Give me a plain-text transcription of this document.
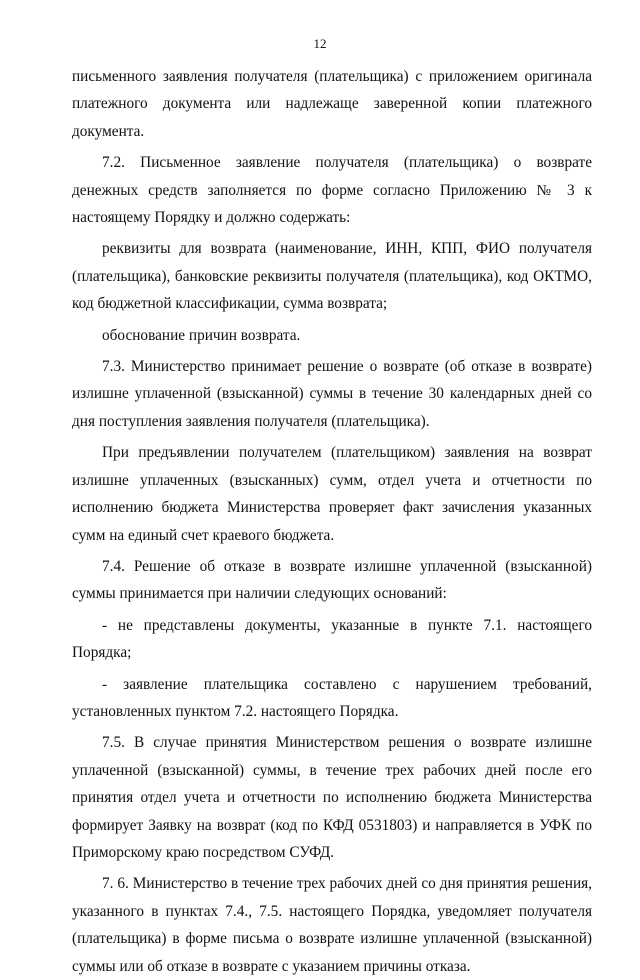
12

письменного заявления получателя (плательщика) с приложением оригинала платежного документа или надлежаще заверенной копии платежного документа.

7.2. Письменное заявление получателя (плательщика) о возврате денежных средств заполняется по форме согласно Приложению № 3 к настоящему Порядку и должно содержать:

реквизиты для возврата (наименование, ИНН, КПП, ФИО получателя (плательщика), банковские реквизиты получателя (плательщика), код ОКТМО, код бюджетной классификации, сумма возврата;

обоснование причин возврата.

7.3. Министерство принимает решение о возврате (об отказе в возврате) излишне уплаченной (взысканной) суммы в течение 30 календарных дней со дня поступления заявления получателя (плательщика).

При предъявлении получателем (плательщиком) заявления на возврат излишне уплаченных (взысканных) сумм, отдел учета и отчетности по исполнению бюджета Министерства проверяет факт зачисления указанных сумм на единый счет краевого бюджета.

7.4. Решение об отказе в возврате излишне уплаченной (взысканной) суммы принимается при наличии следующих оснований:

- не представлены документы, указанные в пункте 7.1. настоящего Порядка;

- заявление плательщика составлено с нарушением требований, установленных пунктом 7.2. настоящего Порядка.

7.5. В случае принятия Министерством решения о возврате излишне уплаченной (взысканной) суммы, в течение трех рабочих дней после его принятия отдел учета и отчетности по исполнению бюджета Министерства формирует Заявку на возврат (код по КФД 0531803) и направляется в УФК по Приморскому краю посредством СУФД.

7. 6. Министерство в течение трех рабочих дней со дня принятия решения, указанного в пунктах 7.4., 7.5. настоящего Порядка, уведомляет получателя (плательщика) в форме письма о возврате излишне уплаченной (взысканной) суммы или об отказе в возврате с указанием причины отказа.
